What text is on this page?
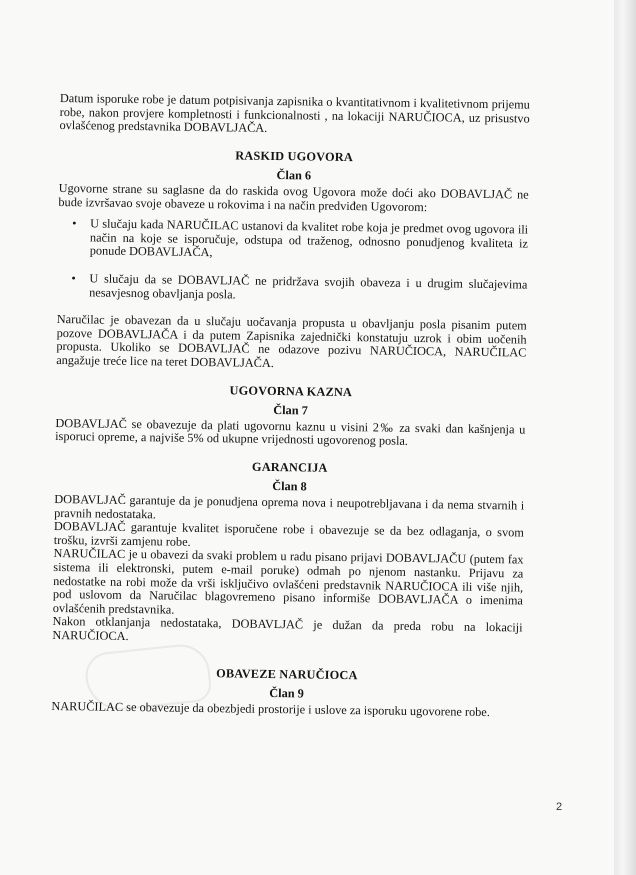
Datum isporuke robe je datum potpisivanja zapisnika o kvantitativnom i kvalitetivnom prijemu robe, nakon provjere kompletnosti i funkcionalnosti , na lokaciji NARUČIOCA, uz prisustvo ovlašćenog predstavnika DOBAVLJAČA.

RASKID UGOVORA
Član 6

Ugovorne strane su saglasne da do raskida ovog Ugovora može doći ako DOBAVLJAČ ne bude izvršavao svoje obaveze u rokovima i na način predviđen Ugovorom:

• U slučaju kada NARUČILAC ustanovi da kvalitet robe koja je predmet ovog ugovora ili način na koje se isporučuje, odstupa od traženog, odnosno ponudjenog kvaliteta iz ponude DOBAVLJAČA,
• U slučaju da se DOBAVLJAČ ne pridržava svojih obaveza i u drugim slučajevima nesavjesnog obavljanja posla.

Naručilac je obavezan da u slučaju uočavanja propusta u obavljanju posla pisanim putem pozove DOBAVLJAČA i da putem Zapisnika zajednički konstatuju uzrok i obim uočenih propusta. Ukoliko se DOBAVLJAČ ne odazove pozivu NARUČIOCA, NARUČILAC angažuje treće lice na teret DOBAVLJAČA.

UGOVORNA KAZNA
Član 7

DOBAVLJAČ se obavezuje da plati ugovornu kaznu u visini 2‰ za svaki dan kašnjenja u isporuci opreme, a najviše 5% od ukupne vrijednosti ugovorenog posla.

GARANCIJA
Član 8

DOBAVLJAČ garantuje da je ponudjena oprema nova i neupotrebljavana i da nema stvarnih i pravnih nedostataka.

DOBAVLJAČ garantuje kvalitet isporučene robe i obavezuje se da bez odlaganja, o svom trošku, izvrši zamjenu robe.

NARUČILAC je u obavezi da svaki problem u radu pisano prijavi DOBAVLJAČU (putem fax sistema ili elektronski, putem e-mail poruke) odmah po njenom nastanku. Prijavu za nedostatke na robi može da vrši isključivo ovlašćeni predstavnik NARUČIOCA ili više njih, pod uslovom da Naručilac blagovremeno pisano informiše DOBAVLJAČA o imenima ovlašćenih predstavnika.

Nakon otklanjanja nedostataka, DOBAVLJAČ je dužan da preda robu na lokaciji NARUČIOCA.

OBAVEZE NARUČIOCA
Član 9

NARUČILAC se obavezuje da obezbjedi prostorije i uslove za isporuku ugovorene robe.

2
